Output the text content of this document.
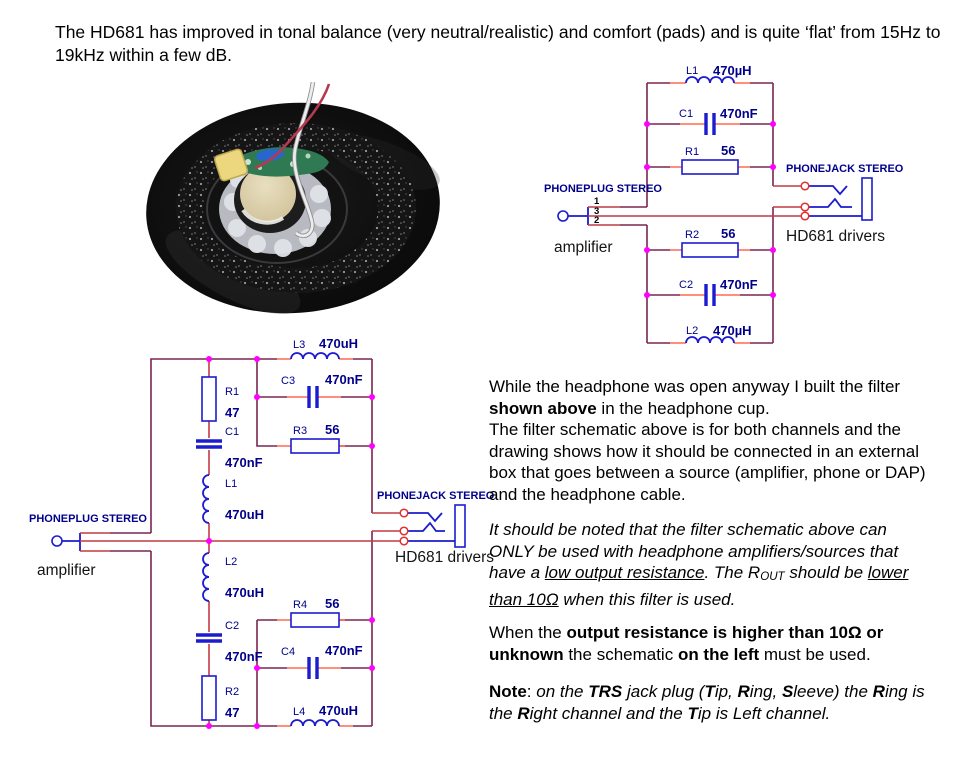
The HD681 has improved in tonal balance (very neutral/realistic) and comfort (pads) and is quite ‘flat’ from 15Hz to 19kHz within a few dB.
1
3
2
L1 470µH
C1 470nF
R1 56
R2 56
C2 470nF
L2 470µH
PHONEPLUG STEREO
amplifier
PHONEJACK STEREO
HD681 drivers
R1
47
C1
470nF
L1
470uH
L2
470uH
C2
470nF
R2
47
L3 470uH
C3 470nF
R3 56
R4 56
C4 470nF
L4 470uH
PHONEPLUG STEREO
amplifier
PHONEJACK STEREO
HD681 drivers

While the headphone was open anyway I built the filter shown above in the headphone cup.

The filter schematic above is for both channels and the drawing shows how it should be connected in an external box that goes between a source (amplifier, phone or DAP) and the headphone cable.

It should be noted that the filter schematic above can ONLY be used with headphone amplifiers/sources that have a low output resistance. The ROUT should be lower than 10Ω when this filter is used.

When the output resistance is higher than 10Ω or unknown the schematic on the left must be used.

Note: on the TRS jack plug (Tip, Ring, Sleeve) the Ring is the Right channel and the Tip is Left channel.
